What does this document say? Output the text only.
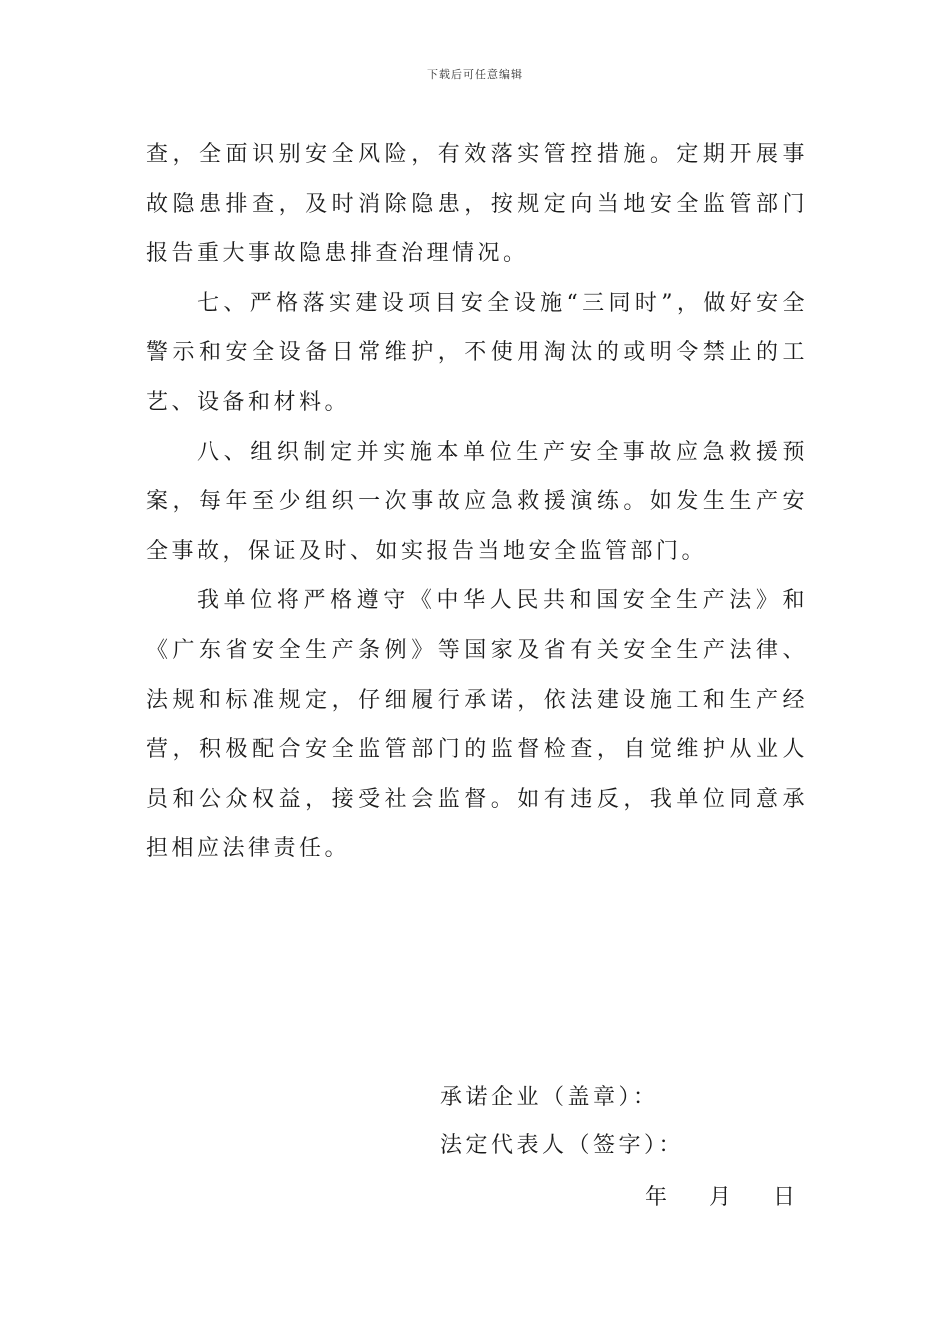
下载后可任意编辑

查，全面识别安全风险，有效落实管控措施。定期开展事故隐患排查，及时消除隐患，按规定向当地安全监管部门报告重大事故隐患排查治理情况。

七、严格落实建设项目安全设施“三同时”，做好安全警示和安全设备日常维护，不使用淘汰的或明令禁止的工艺、设备和材料。

八、组织制定并实施本单位生产安全事故应急救援预案，每年至少组织一次事故应急救援演练。如发生生产安全事故，保证及时、如实报告当地安全监管部门。

我单位将严格遵守《中华人民共和国安全生产法》和《广东省安全生产条例》等国家及省有关安全生产法律、法规和标准规定，仔细履行承诺，依法建设施工和生产经营，积极配合安全监管部门的监督检查，自觉维护从业人员和公众权益，接受社会监督。如有违反，我单位同意承担相应法律责任。

承诺企业（盖章）：
法定代表人（签字）：
年 月 日
